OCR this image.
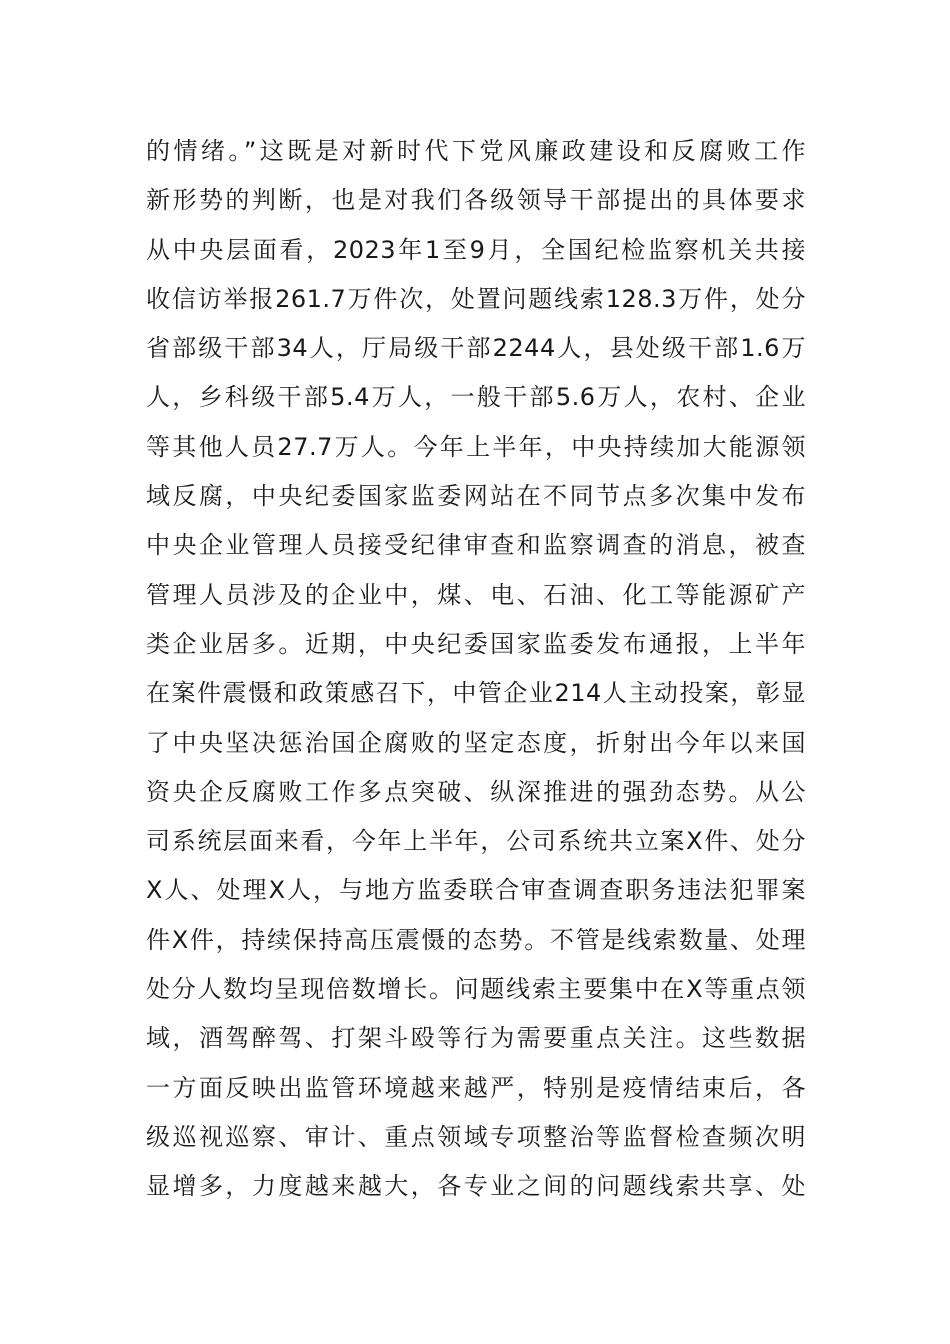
的情绪。”这既是对新时代下党风廉政建设和反腐败工作
新形势的判断，也是对我们各级领导干部提出的具体要求
从中央层面看，2023年1至9月，全国纪检监察机关共接
收信访举报261.7万件次，处置问题线索128.3万件，处分
省部级干部34人，厅局级干部2244人，县处级干部1.6万
人，乡科级干部5.4万人，一般干部5.6万人，农村、企业
等其他人员27.7万人。今年上半年，中央持续加大能源领
域反腐，中央纪委国家监委网站在不同节点多次集中发布
中央企业管理人员接受纪律审查和监察调查的消息，被查
管理人员涉及的企业中，煤、电、石油、化工等能源矿产
类企业居多。近期，中央纪委国家监委发布通报，上半年
在案件震慑和政策感召下，中管企业214人主动投案，彰显
了中央坚决惩治国企腐败的坚定态度，折射出今年以来国
资央企反腐败工作多点突破、纵深推进的强劲态势。从公
司系统层面来看，今年上半年，公司系统共立案X件、处分
X人、处理X人，与地方监委联合审查调查职务违法犯罪案
件X件，持续保持高压震慑的态势。不管是线索数量、处理
处分人数均呈现倍数增长。问题线索主要集中在X等重点领
域，酒驾醉驾、打架斗殴等行为需要重点关注。这些数据
一方面反映出监管环境越来越严，特别是疫情结束后，各
级巡视巡察、审计、重点领域专项整治等监督检查频次明
显增多，力度越来越大，各专业之间的问题线索共享、处
